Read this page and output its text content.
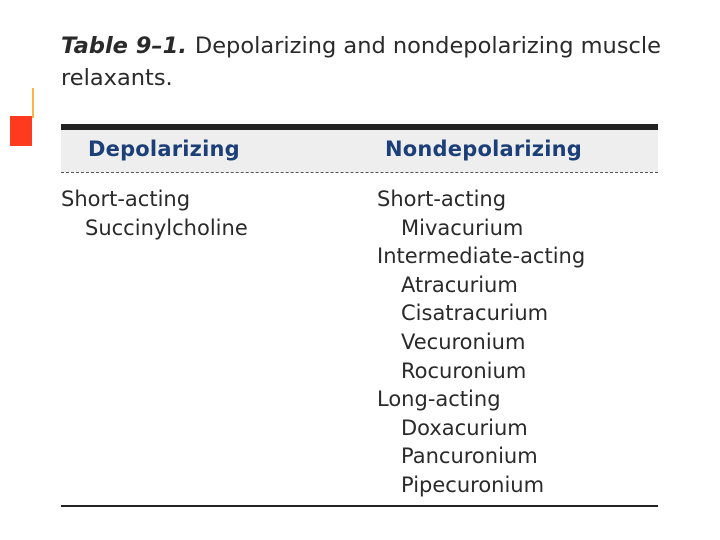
Table 9–1. Depolarizing and nondepolarizing muscle relaxants.
Depolarizing	Nondepolarizing
Short-acting
Succinylcholine
Short-acting
Mivacurium
Intermediate-acting
Atracurium
Cisatracurium
Vecuronium
Rocuronium
Long-acting
Doxacurium
Pancuronium
Pipecuronium
